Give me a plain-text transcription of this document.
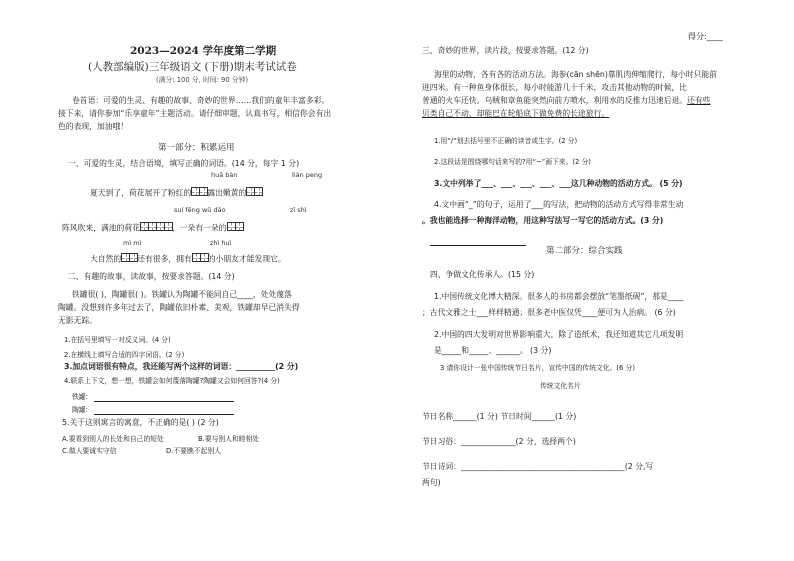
得分:____
2023—2024 学年度第二学期
(人教部编版)三年级语文 (下册)期末考试试卷
(满分: 100 分, 时间: 90 分钟)
卷首语：可爱的生灵、有趣的故事、奇妙的世界……我们的童年丰富多彩。
接下来，请你参加“乐享童年”主题活动。请仔细审题，认真书写，相信你会有出
色的表现，加油哦！
第一部分：积累运用
一、可爱的生灵，结合语境，填写正确的词语。(14 分，每字 1 分)
huā bàn	lián peng
夏天到了，荷花展开了粉红的 露出嫩黄的
suí fēng wǔ dǎo	zī shì
阵风吹来，满池的荷花	，一朵有一朵的
mì mì	zhì huì
大自然的 还有很多，拥有 的小朋友才能发现它。
二、有趣的故事，读故事，按要求答题。(14 分)
铁罐很( )，陶罐很( )。铁罐认为陶罐不能同自己____，处处蔑落
陶罐。没想到许多年过去了，陶罐依旧朴素、美观，铁罐却早已消失得
无影无踪。
1.在括号里填写一对反义词。(4 分)
2.在横线上填写合适的四字词语。(2 分)
3.加点词语很有特点，我还能写两个这样的词语：__________(2 分)
4.联系上下文，想一想，铁罐会如何蔑落陶罐?陶罐又会如何回答?(4 分)
铁罐:
陶罐:
5.关于这则寓言的寓意，不正确的是( ) (2 分)
A.要看到别人的长处和自己的短处	B.要与别人和睦相处
C.做人要诚实守信	D.不要瞧不起别人
三、奇妙的世界，读片段，按要求答题。(12 分)
海里的动物，各有各的活动方法。海参(cān shēn)靠肌肉伸缩爬行，每小时只能前
进四米。有一种鱼身体很长，每小时能游几十千米，攻击其他动物的时候，比
普通的火车还快。乌贼和章鱼能突然向前方喷水，利用水的反推力迅速后退。还有些
贝类自己不动，却能巴在轮船底下做免费的长途旅行。
1.用“/”划去括号里不正确的读音或生字。(2 分)
2.这段话是围绕哪句话来写的?用“~”画下来。(2 分)
3.文中列举了___、___、___、___、___这几种动物的活动方式。 (5 分)
4.文中画“_”的句子，运用了___的写法，把动物的活动方式写得非常生动
。我也能选择一种海洋动物，用这种写法写一写它的活动方式。(3 分)
第二部分：综合实践
四、争做文化传承人。(15 分)
1.中国传统文化博大精深。很多人的书房都会摆放“笔墨纸砚”，那是____
；古代文雅之士___样样精通；很多老中医仅凭____便可为人治病。 (6 分)
2.中国的四大发明对世界影响重大，除了造纸术，我还知道其它几项发明
是_____和_____、______。 (3 分)
3 请你设计一张中国传统节日名片，宣传中国的传统文化。(6 分)
传统文化名片
节日名称______(1 分) 节日时间______(1 分)
节日习俗：______________(2 分，选择两个)
节日诗词：__________________________________________(2 分,写
两句)
